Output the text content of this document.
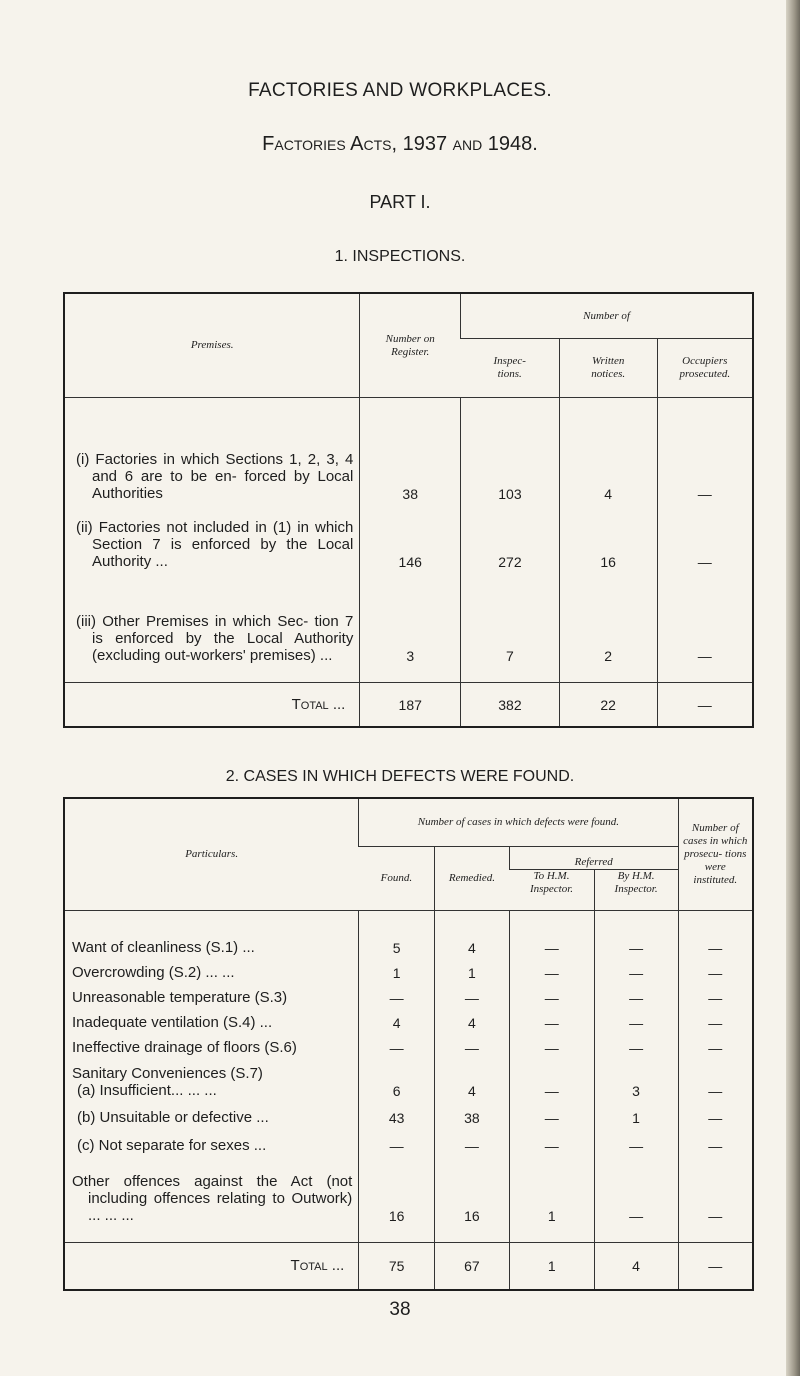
FACTORIES AND WORKPLACES.
Factories Acts, 1937 and 1948.
PART I.
1. INSPECTIONS.
Premises.	Number on Register.	Number of		

		Inspec- tions.	Written notices.	Occupiers prosecuted.

(i) Factories in which Sections 1, 2, 3, 4 and 6 are to be en- forced by Local Authorities	38	103	4	—

(ii) Factories not included in (1) in which Section 7 is enforced by the Local Authority ...	146	272	16	—

(iii) Other Premises in which Sec- tion 7 is enforced by the Local Authority (excluding out-workers' premises) ...	3	7	2	—
Total ...	187	382	22	—
2. CASES IN WHICH DEFECTS WERE FOUND.
Particulars.	Number of cases in which defects were found.				Number of cases in which prosecu- tions were instituted.

	Found.	Remedied.	Referred		

			To H.M. Inspector.	By H.M. Inspector.	

Want of cleanliness (S.1) ...	5	4	—	—	—

Overcrowding (S.2) ... ...	1	1	—	—	—

Unreasonable temperature (S.3)	—	—	—	—	—

Inadequate ventilation (S.4) ...	4	4	—	—	—

Ineffective drainage of floors (S.6)	—	—	—	—	—

Sanitary Conveniences (S.7)
(a) Insufficient... ... ...	6	4	—	3	—

(b) Unsuitable or defective ...	43	38	—	1	—

(c) Not separate for sexes ...	—	—	—	—	—

Other offences against the Act (not including offences relating to Outwork) ... ... ...	16	16	1	—	—
Total ...	75	67	1	4	—
38
